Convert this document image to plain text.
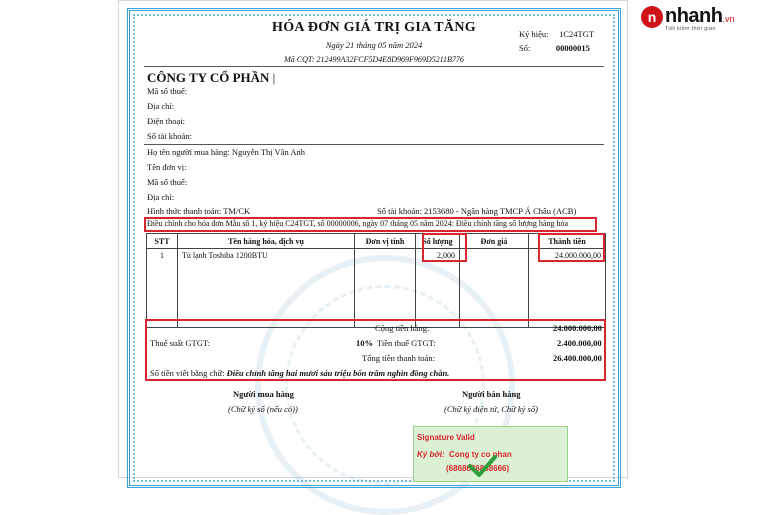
n nhanh.vn
Tiết kiệm thời gian
HÓA ĐƠN GIÁ TRỊ GIA TĂNG
Ngày 21 tháng 05 năm 2024
Mã CQT: 212499A32FCF5D4E8D969F969D5211B776
Ký hiệu: 1C24TGT
Số:	00000015
CÔNG TY CỔ PHẦN |
Mã số thuế:
Địa chỉ:
Điện thoại:
Số tài khoản:
Họ tên người mua hàng: Nguyễn Thị Vân Anh
Tên đơn vị:
Mã số thuế:
Địa chỉ:
Hình thức thanh toán: TM/CK	Số tài khoản: 2153680 - Ngân hàng TMCP Á Châu (ACB)
Điều chỉnh cho hóa đơn Mẫu số 1, ký hiệu C24TGT, số 00000006, ngày 07 tháng 05 năm 2024: Điều chỉnh tăng số lượng hàng hóa
STT	Tên hàng hóa, dịch vụ	Đơn vị tính	Số lượng	Đơn giá	Thành tiền
1	Tủ lạnh Toshiba 1200BTU		2,000		24.000.000,00

Cộng tiền hàng:	24.000.000,00
Thuế suất GTGT:	10% Tiền thuế GTGT:	2.400.000,00
Tổng tiền thanh toán:	26.400.000,00
Số tiền viết bằng chữ: Điều chỉnh tăng hai mươi sáu triệu bốn trăm nghìn đồng chẵn.
Người mua hàng
(Chữ ký số (nếu có))
Người bán hàng
(Chữ ký điện tử, Chữ ký số)
Signature Valid
Ký bởi: Cong ty co phan
(6868686868666)
